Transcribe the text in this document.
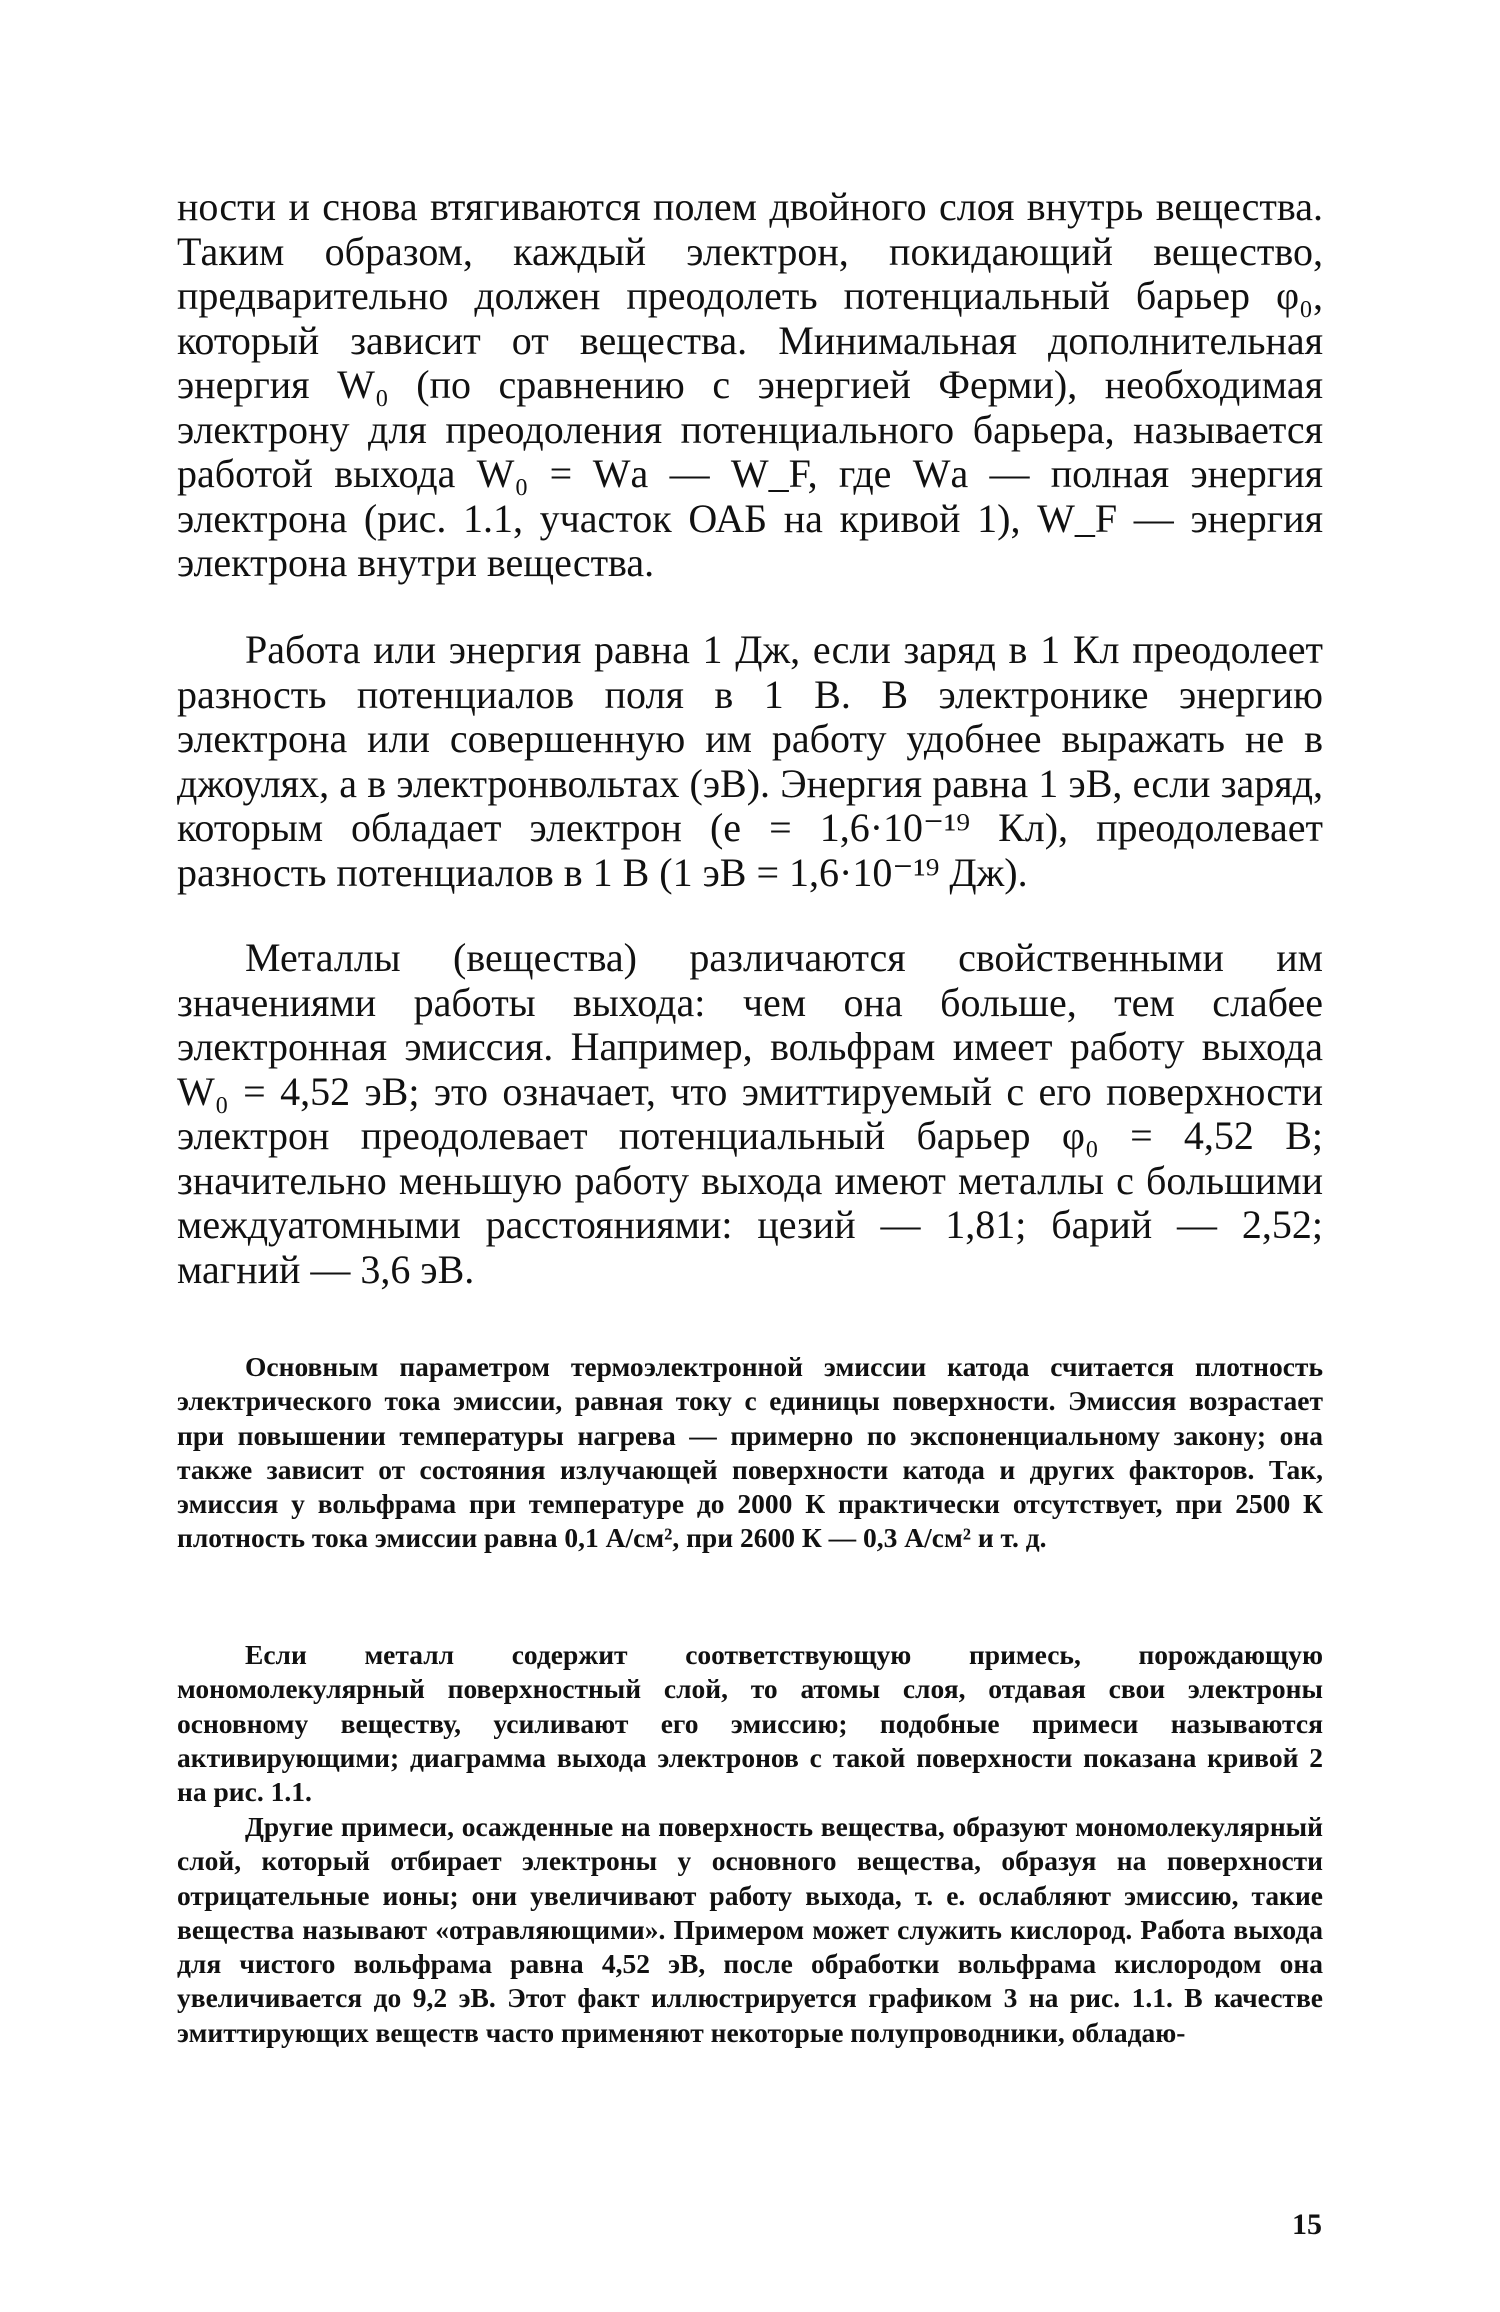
ности и снова втягиваются полем двойного слоя внутрь вещества. Таким образом, каждый электрон, покидающий вещество, предварительно должен преодолеть потенциальный барьер φ₀, который зависит от вещества. Минимальная дополнительная энергия W₀ (по сравнению с энергией Ферми), необходимая электрону для преодоления потенциального барьера, называется работой выхода W₀ = Wа — W_F, где Wа — полная энергия электрона (рис. 1.1, участок ОАБ на кривой 1), W_F — энергия электрона внутри вещества.

Работа или энергия равна 1 Дж, если заряд в 1 Кл преодолеет разность потенциалов поля в 1 В. В электронике энергию электрона или совершенную им работу удобнее выражать не в джоулях, а в электронвольтах (эВ). Энергия равна 1 эВ, если заряд, которым обладает электрон (e = 1,6·10⁻¹⁹ Кл), преодолевает разность потенциалов в 1 В (1 эВ = 1,6·10⁻¹⁹ Дж).

Металлы (вещества) различаются свойственными им значениями работы выхода: чем она больше, тем слабее электронная эмиссия. Например, вольфрам имеет работу выхода W₀ = 4,52 эВ; это означает, что эмиттируемый с его поверхности электрон преодолевает потенциальный барьер φ₀ = 4,52 В; значительно меньшую работу выхода имеют металлы с большими междуатомными расстояниями: цезий — 1,81; барий — 2,52; магний — 3,6 эВ.

Основным параметром термоэлектронной эмиссии катода считается плотность электрического тока эмиссии, равная току с единицы поверхности. Эмиссия возрастает при повышении температуры нагрева — примерно по экспоненциальному закону; она также зависит от состояния излучающей поверхности катода и других факторов. Так, эмиссия у вольфрама при температуре до 2000 К практически отсутствует, при 2500 К плотность тока эмиссии равна 0,1 А/см², при 2600 К — 0,3 А/см² и т. д.

Если металл содержит соответствующую примесь, порождающую мономолекулярный поверхностный слой, то атомы слоя, отдавая свои электроны основному веществу, усиливают его эмиссию; подобные примеси называются активирующими; диаграмма выхода электронов с такой поверхности показана кривой 2 на рис. 1.1.

Другие примеси, осажденные на поверхность вещества, образуют мономолекулярный слой, который отбирает электроны у основного вещества, образуя на поверхности отрицательные ионы; они увеличивают работу выхода, т. е. ослабляют эмиссию, такие вещества называют «отравляющими». Примером может служить кислород. Работа выхода для чистого вольфрама равна 4,52 эВ, после обработки вольфрама кислородом она увеличивается до 9,2 эВ. Этот факт иллюстрируется графиком 3 на рис. 1.1. В качестве эмиттирующих веществ часто применяют некоторые полупроводники, обладаю-

15
